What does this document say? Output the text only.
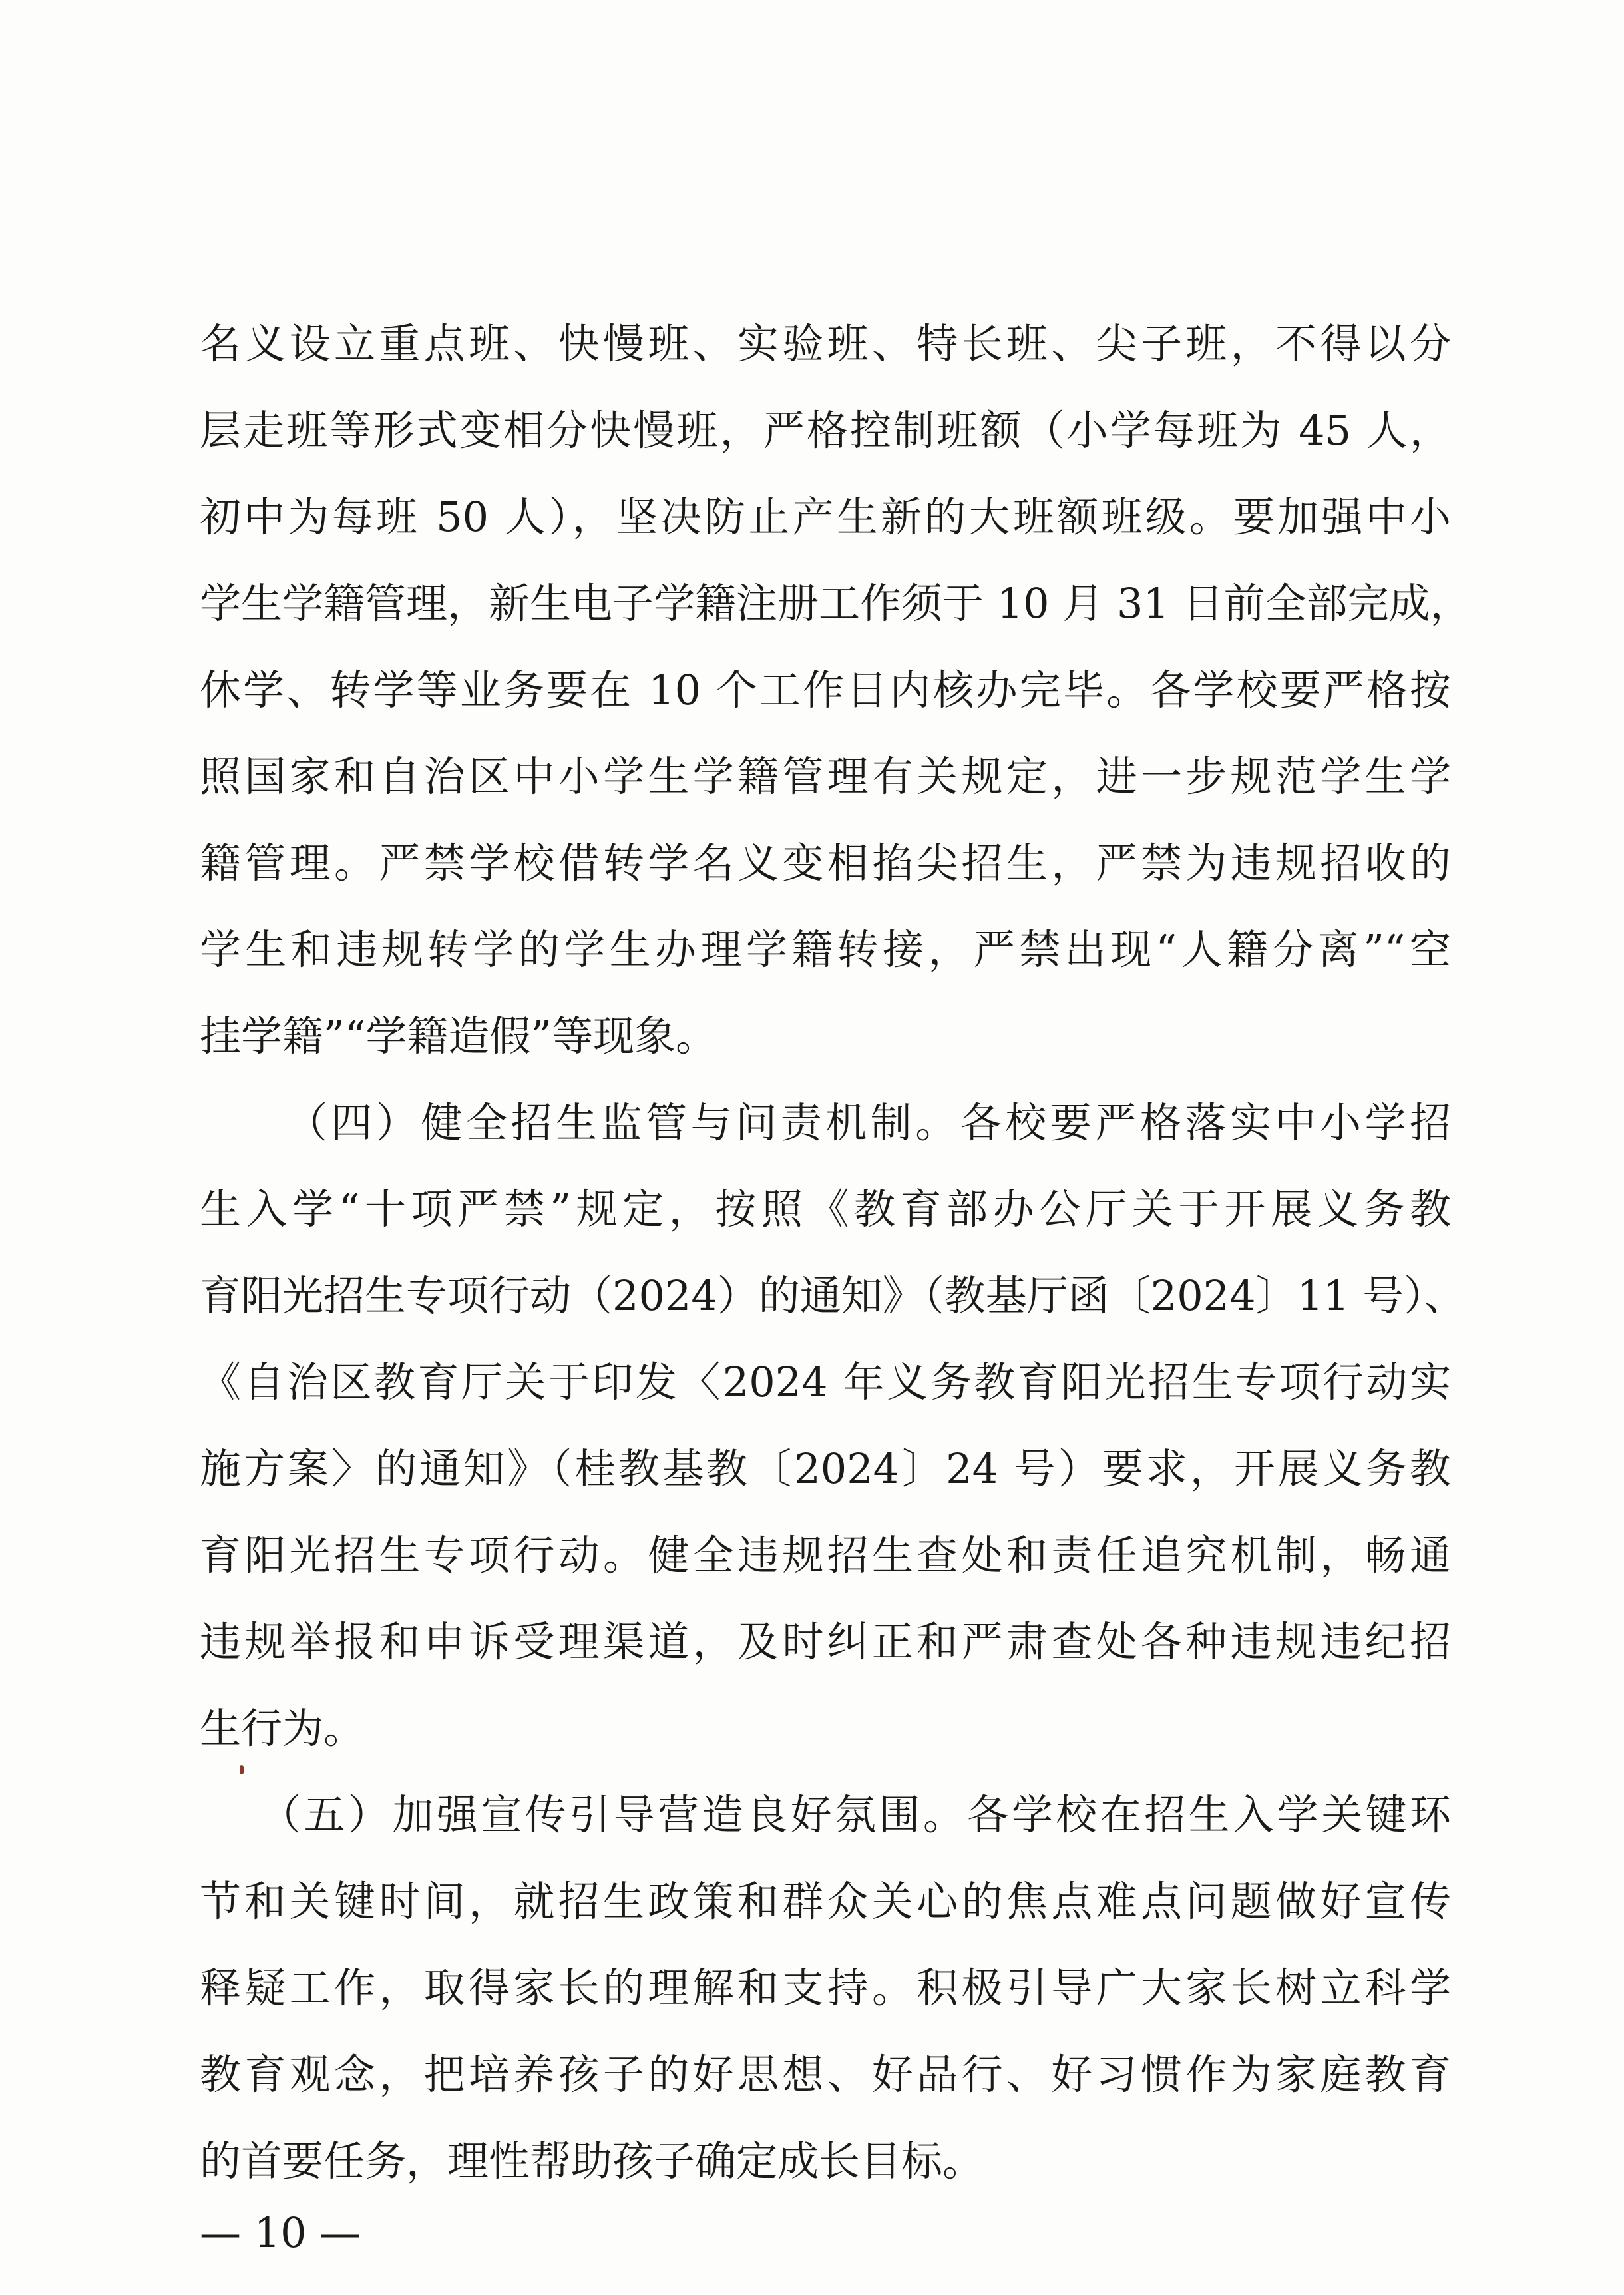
名义设立重点班、快慢班、实验班、特长班、尖子班，不得以分
层走班等形式变相分快慢班，严格控制班额（小学每班为 45 人，
初中为每班 50 人），坚决防止产生新的大班额班级。要加强中小
学生学籍管理，新生电子学籍注册工作须于 10 月 31 日前全部完成，
休学、转学等业务要在 10 个工作日内核办完毕。各学校要严格按
照国家和自治区中小学生学籍管理有关规定，进一步规范学生学
籍管理。严禁学校借转学名义变相掐尖招生，严禁为违规招收的
学生和违规转学的学生办理学籍转接，严禁出现“人籍分离”“空
挂学籍”“学籍造假”等现象。
（四）健全招生监管与问责机制。各校要严格落实中小学招
生入学“十项严禁”规定，按照《教育部办公厅关于开展义务教
育阳光招生专项行动（2024）的通知》（教基厅函〔2024〕11 号）、
《自治区教育厅关于印发〈2024 年义务教育阳光招生专项行动实
施方案〉的通知》（桂教基教〔2024〕24 号）要求，开展义务教
育阳光招生专项行动。健全违规招生查处和责任追究机制，畅通
违规举报和申诉受理渠道，及时纠正和严肃查处各种违规违纪招
生行为。
（五）加强宣传引导营造良好氛围。各学校在招生入学关键环
节和关键时间，就招生政策和群众关心的焦点难点问题做好宣传
释疑工作，取得家长的理解和支持。积极引导广大家长树立科学
教育观念，把培养孩子的好思想、好品行、好习惯作为家庭教育
的首要任务，理性帮助孩子确定成长目标。
— 10 —
